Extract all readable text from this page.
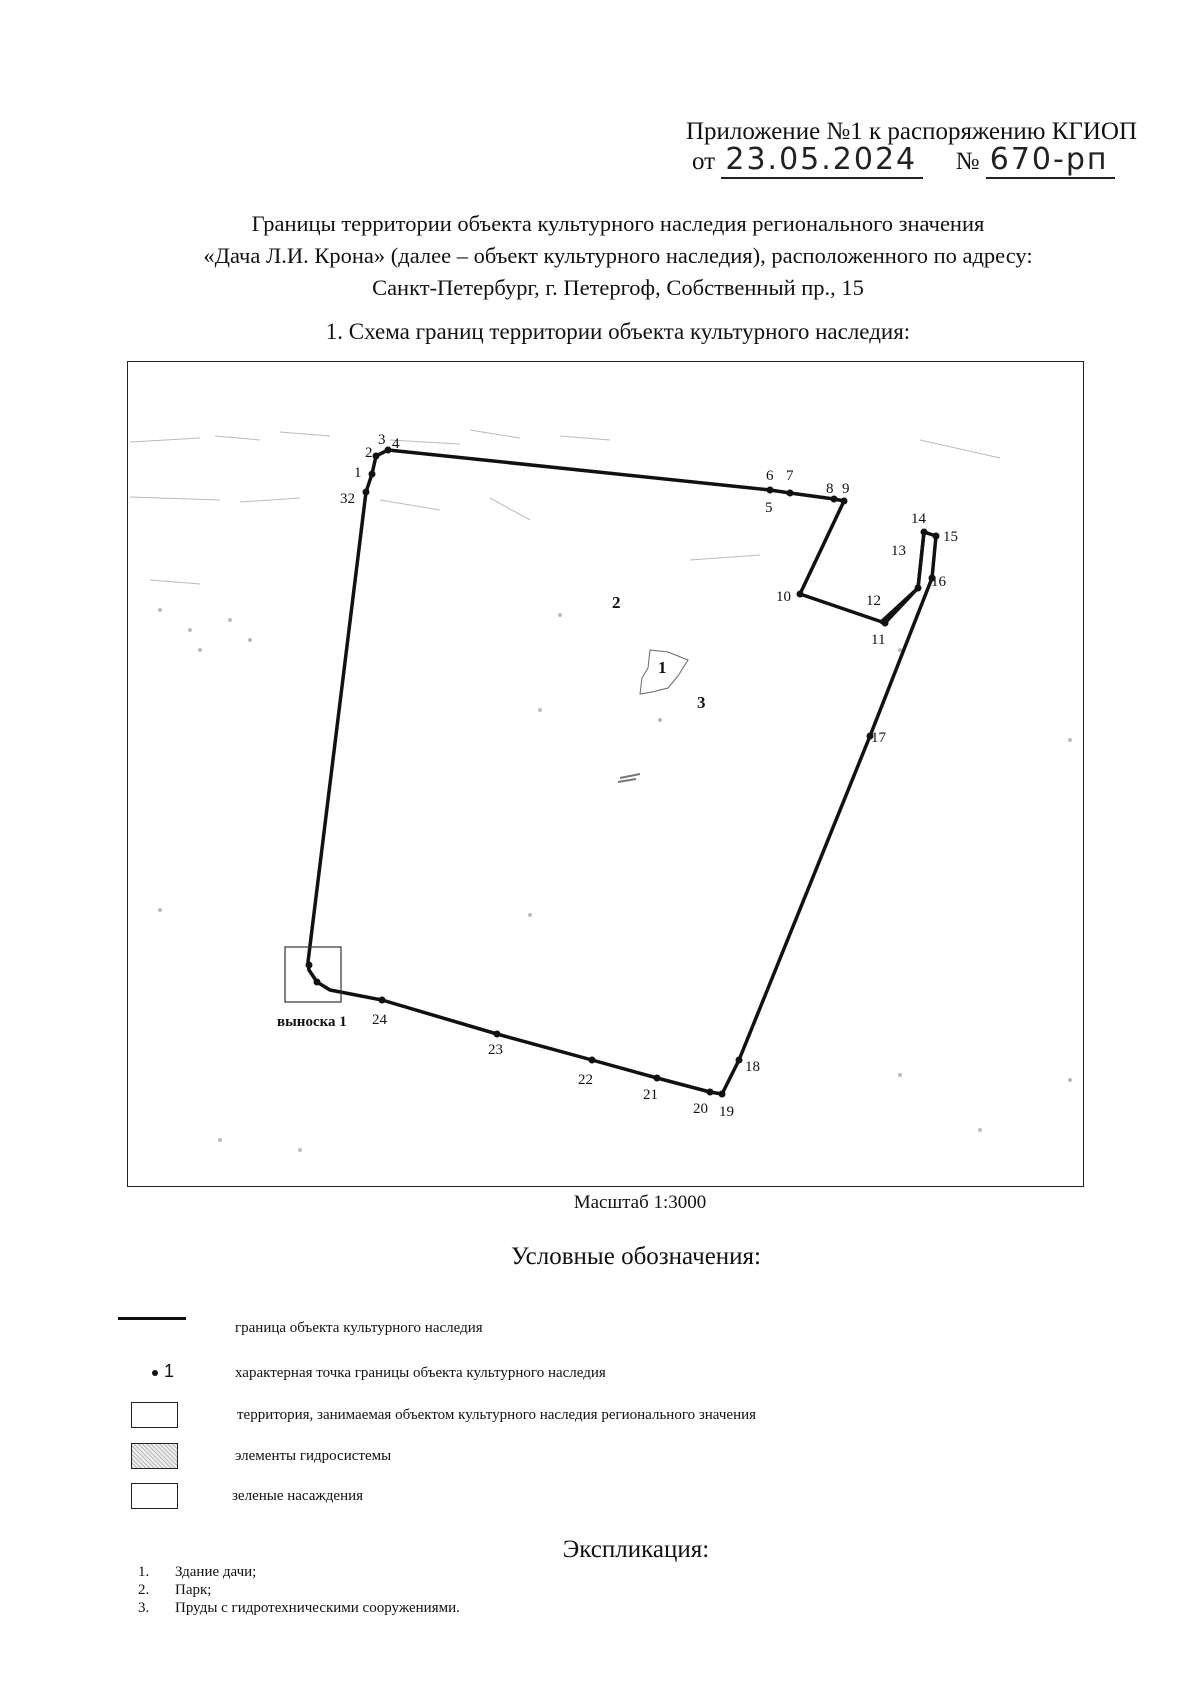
Приложение №1 к распоряжению КГИОП
от 23.05.2024 № 670-рп
Границы территории объекта культурного наследия регионального значения
«Дача Л.И. Крона» (далее – объект культурного наследия), расположенного по адресу:
Санкт-Петербург, г. Петергоф, Собственный пр., 15
1. Схема границ территории объекта культурного наследия:
1
2
3 4
5
6 7
8 9
10
11
12
13
14
15
16
17
18
19
20
21
22
23
24
32
1
2
3
выноска 1
Масштаб 1:3000
Условные обозначения:
граница объекта культурного наследия
1	характерная точка границы объекта культурного наследия
территория, занимаемая объектом культурного наследия регионального значения
элементы гидросистемы
зеленые насаждения
Экспликация:
1. Здание дачи;
2. Парк;
3. Пруды с гидротехническими сооружениями.
